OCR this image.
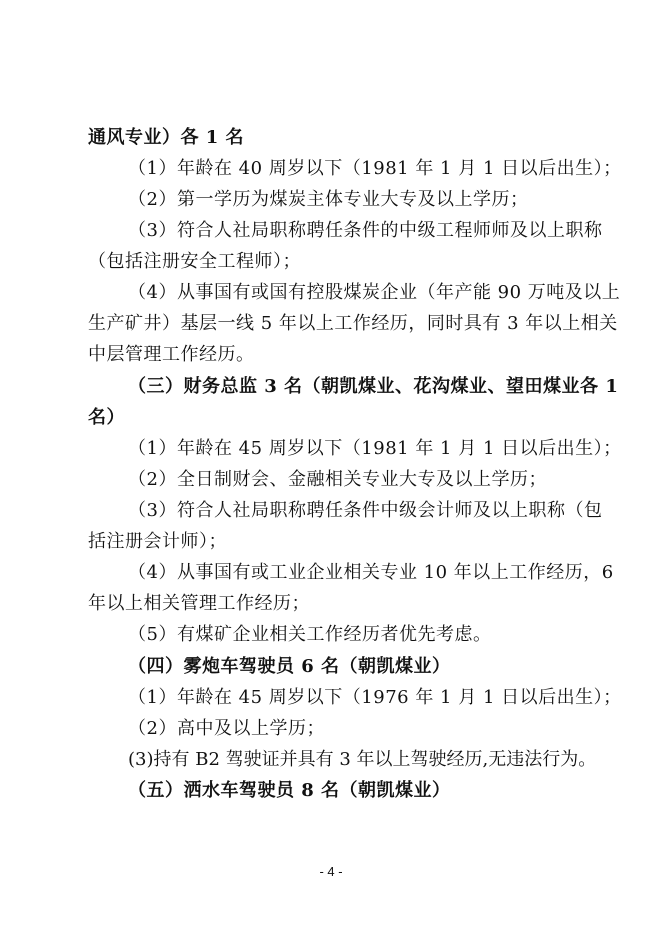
通风专业）各 1 名
（1）年龄在 40 周岁以下（1981 年 1 月 1 日以后出生）；
（2）第一学历为煤炭主体专业大专及以上学历；
（3）符合人社局职称聘任条件的中级工程师师及以上职称
（包括注册安全工程师）；
（4）从事国有或国有控股煤炭企业（年产能 90 万吨及以上
生产矿井）基层一线 5 年以上工作经历，同时具有 3 年以上相关
中层管理工作经历。
（三）财务总监 3 名（朝凯煤业、花沟煤业、望田煤业各 1
名）
（1）年龄在 45 周岁以下（1981 年 1 月 1 日以后出生）；
（2）全日制财会、金融相关专业大专及以上学历；
（3）符合人社局职称聘任条件中级会计师及以上职称（包
括注册会计师）；
（4）从事国有或工业企业相关专业 10 年以上工作经历，6
年以上相关管理工作经历；
（5）有煤矿企业相关工作经历者优先考虑。
（四）雾炮车驾驶员 6 名（朝凯煤业）
（1）年龄在 45 周岁以下（1976 年 1 月 1 日以后出生）；
（2）高中及以上学历；
(3)持有 B2 驾驶证并具有 3 年以上驾驶经历,无违法行为。
（五）洒水车驾驶员 8 名（朝凯煤业）
- 4 -
